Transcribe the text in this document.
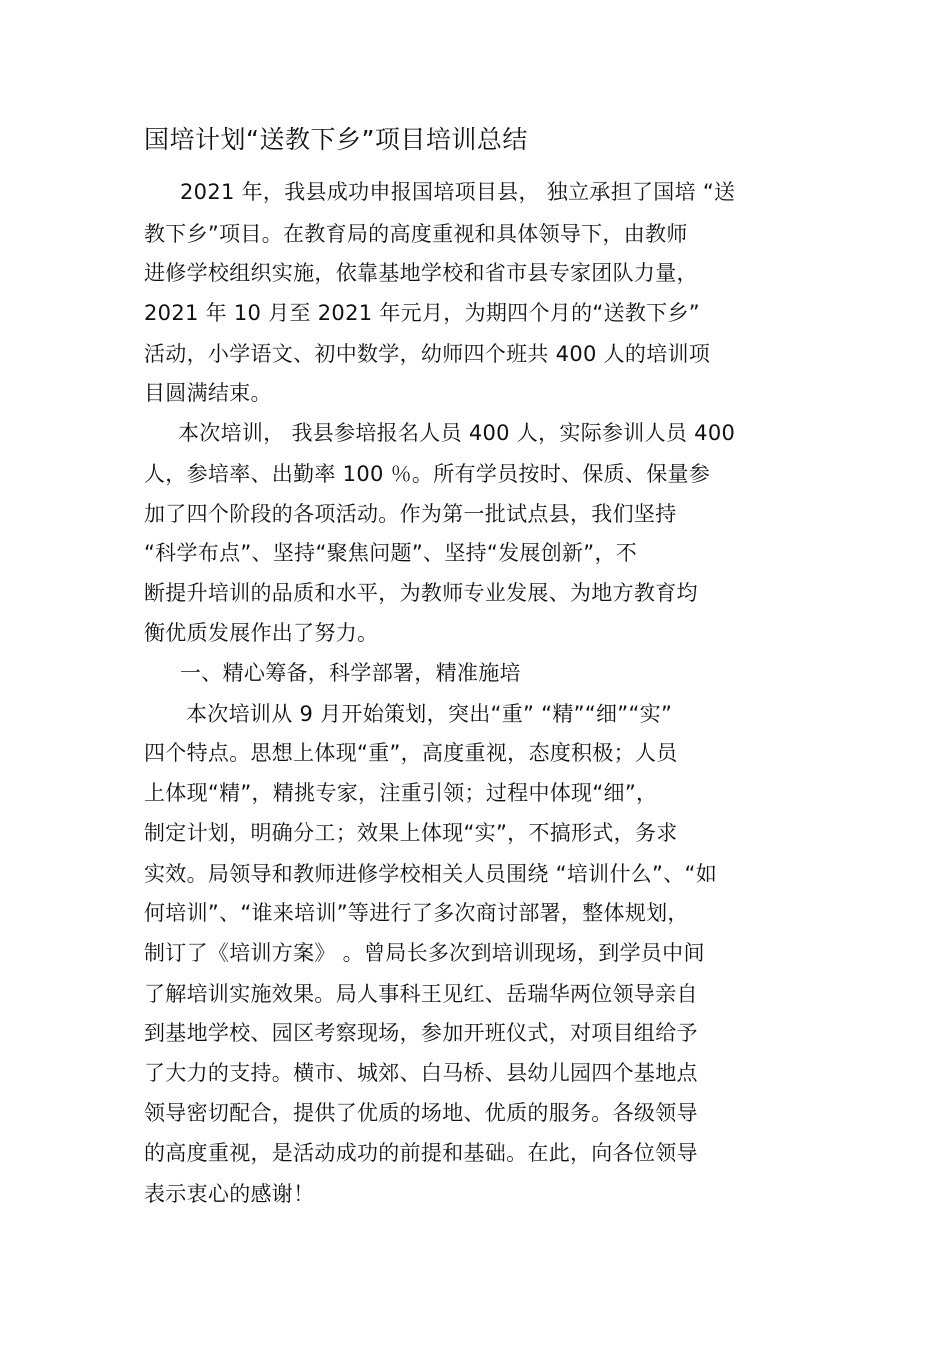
国培计划“送教下乡”项目培训总结
2021 年，我县成功申报国培项目县， 独立承担了国培 “送
教下乡”项目。在教育局的高度重视和具体领导下，由教师
进修学校组织实施，依靠基地学校和省市县专家团队力量，
2021 年 10 月至 2021 年元月，为期四个月的“送教下乡”
活动，小学语文、初中数学，幼师四个班共 400 人的培训项
目圆满结束。
本次培训， 我县参培报名人员 400 人，实际参训人员 400
人，参培率、出勤率 100 ％。所有学员按时、保质、保量参
加了四个阶段的各项活动。作为第一批试点县，我们坚持
“科学布点”、坚持“聚焦问题”、坚持“发展创新”，不
断提升培训的品质和水平，为教师专业发展、为地方教育均
衡优质发展作出了努力。
一、精心筹备，科学部署，精准施培
本次培训从 9 月开始策划，突出“重” “精”“细”“实”
四个特点。思想上体现“重”，高度重视，态度积极；人员
上体现“精”，精挑专家，注重引领；过程中体现“细”，
制定计划，明确分工；效果上体现“实”，不搞形式，务求
实效。局领导和教师进修学校相关人员围绕 “培训什么”、“如
何培训”、“谁来培训”等进行了多次商讨部署，整体规划，
制订了《培训方案》 。曾局长多次到培训现场，到学员中间
了解培训实施效果。局人事科王见红、岳瑞华两位领导亲自
到基地学校、园区考察现场，参加开班仪式，对项目组给予
了大力的支持。横市、城郊、白马桥、县幼儿园四个基地点
领导密切配合，提供了优质的场地、优质的服务。各级领导
的高度重视，是活动成功的前提和基础。在此，向各位领导
表示衷心的感谢！
